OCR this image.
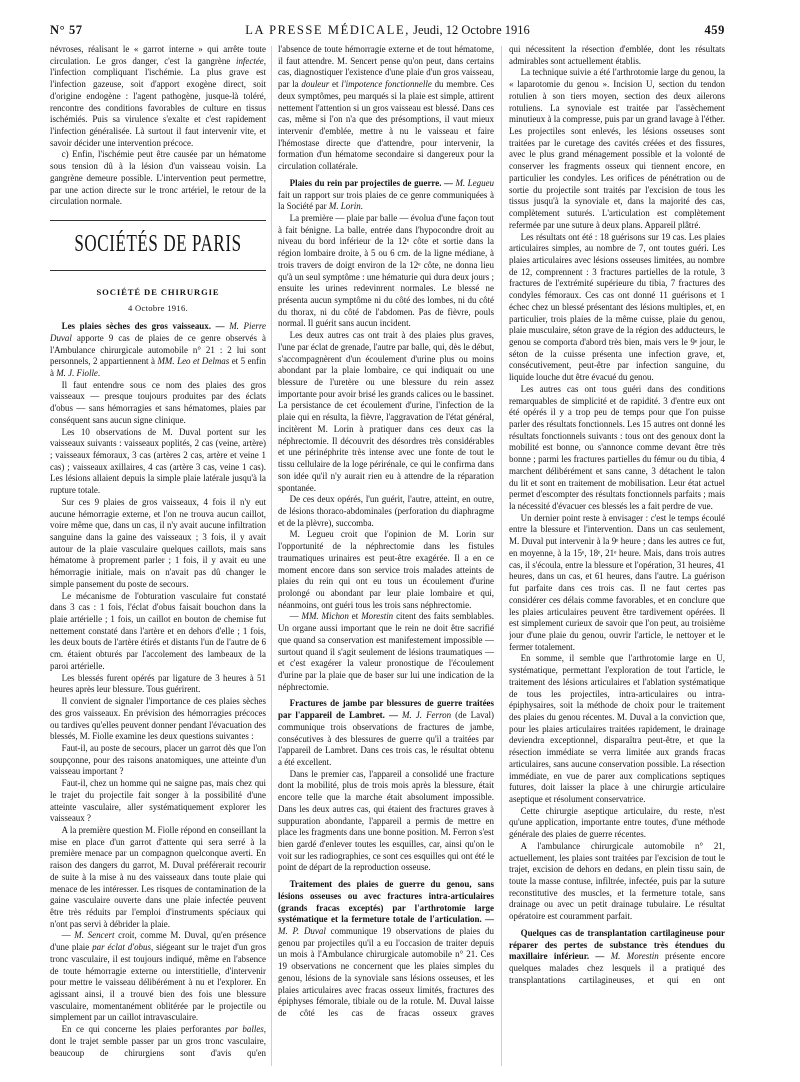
N° 57	LA PRESSE MÉDICALE, Jeudi, 12 Octobre 1916	459

névroses, réalisant le « garrot interne » qui arrête toute circulation. Le gros danger, c'est la gangrène infectée, l'infection compliquant l'ischémie. La plus grave est l'infection gazeuse, soit d'apport exogène direct, soit d'origine endogène : l'agent pathogène, jusque-là toléré, rencontre des conditions favorables de culture en tissus ischémiés. Puis sa virulence s'exalte et c'est rapidement l'infection généralisée. Là surtout il faut intervenir vite, et savoir décider une intervention précoce.

c) Enfin, l'ischémie peut être causée par un hématome sous tension dû à la lésion d'un vaisseau voisin. La gangrène demeure possible. L'intervention peut permettre, par une action directe sur le tronc artériel, le retour de la circulation normale.

SOCIÉTÉS DE PARIS
SOCIÉTÉ DE CHIRURGIE
4 Octobre 1916.

Les plaies sèches des gros vaisseaux. — M. Pierre Duval apporte 9 cas de plaies de ce genre observés à l'Ambulance chirurgicale automobile n° 21 : 2 lui sont personnels, 2 appartiennent à MM. Leo et Delmas et 5 enfin à M. J. Fiolle.

Il faut entendre sous ce nom des plaies des gros vaisseaux — presque toujours produites par des éclats d'obus — sans hémorragies et sans hématomes, plaies par conséquent sans aucun signe clinique.

Les 10 observations de M. Duval portent sur les vaisseaux suivants : vaisseaux poplités, 2 cas (veine, artère) ; vaisseaux fémoraux, 3 cas (artères 2 cas, artère et veine 1 cas) ; vaisseaux axillaires, 4 cas (artère 3 cas, veine 1 cas). Les lésions allaient depuis la simple plaie latérale jusqu'à la rupture totale.

Sur ces 9 plaies de gros vaisseaux, 4 fois il n'y eut aucune hémorragie externe, et l'on ne trouva aucun caillot, voire même que, dans un cas, il n'y avait aucune infiltration sanguine dans la gaine des vaisseaux ; 3 fois, il y avait autour de la plaie vasculaire quelques caillots, mais sans hématome à proprement parler ; 1 fois, il y avait eu une hémorragie initiale, mais on n'avait pas dû changer le simple pansement du poste de secours.

Le mécanisme de l'obturation vasculaire fut constaté dans 3 cas : 1 fois, l'éclat d'obus faisait bouchon dans la plaie artérielle ; 1 fois, un caillot en bouton de chemise fut nettement constaté dans l'artère et en dehors d'elle ; 1 fois, les deux bouts de l'artère étirés et distants l'un de l'autre de 6 cm. étaient obturés par l'accolement des lambeaux de la paroi artérielle.

Les blessés furent opérés par ligature de 3 heures à 51 heures après leur blessure. Tous guérirent.

Il convient de signaler l'importance de ces plaies sèches des gros vaisseaux. En prévision des hémorragies précoces ou tardives qu'elles peuvent donner pendant l'évacuation des blessés, M. Fiolle examine les deux questions suivantes :

Faut-il, au poste de secours, placer un garrot dès que l'on soupçonne, pour des raisons anatomiques, une atteinte d'un vaisseau important ?

Faut-il, chez un homme qui ne saigne pas, mais chez qui le trajet du projectile fait songer à la possibilité d'une atteinte vasculaire, aller systématiquement explorer les vaisseaux ?

A la première question M. Fiolle répond en conseillant la mise en place d'un garrot d'attente qui sera serré à la première menace par un compagnon quelconque averti. En raison des dangers du garrot, M. Duval préférerait recourir de suite à la mise à nu des vaisseaux dans toute plaie qui menace de les intéresser. Les risques de contamination de la gaine vasculaire ouverte dans une plaie infectée peuvent être très réduits par l'emploi d'instruments spéciaux qui n'ont pas servi à débrider la plaie.

— M. Sencert croit, comme M. Duval, qu'en présence d'une plaie par éclat d'obus, siégeant sur le trajet d'un gros tronc vasculaire, il est toujours indiqué, même en l'absence de toute hémorragie externe ou interstitielle, d'intervenir pour mettre le vaisseau délibérément à nu et l'explorer. En agissant ainsi, il a trouvé bien des fois une blessure vasculaire, momentanément oblitérée par le projectile ou simplement par un caillot intravasculaire.

En ce qui concerne les plaies perforantes par balles, dont le trajet semble passer par un gros tronc vasculaire, beaucoup de chirurgiens sont d'avis qu'en

l'absence de toute hémorragie externe et de tout hématome, il faut attendre. M. Sencert pense qu'on peut, dans certains cas, diagnostiquer l'existence d'une plaie d'un gros vaisseau, par la douleur et l'impotence fonctionnelle du membre. Ces deux symptômes, peu marqués si la plaie est simple, attirent nettement l'attention si un gros vaisseau est blessé. Dans ces cas, même si l'on n'a que des présomptions, il vaut mieux intervenir d'emblée, mettre à nu le vaisseau et faire l'hémostase directe que d'attendre, pour intervenir, la formation d'un hématome secondaire si dangereux pour la circulation collatérale.

Plaies du rein par projectiles de guerre. — M. Legueu fait un rapport sur trois plaies de ce genre communiquées à la Société par M. Lorin.

La première — plaie par balle — évolua d'une façon tout à fait bénigne. La balle, entrée dans l'hypocondre droit au niveau du bord inférieur de la 12ᵉ côte et sortie dans la région lombaire droite, à 5 ou 6 cm. de la ligne médiane, à trois travers de doigt environ de la 12ᵉ côte, ne donna lieu qu'à un seul symptôme : une hématurie qui dura deux jours ; ensuite les urines redevinrent normales. Le blessé ne présenta aucun symptôme ni du côté des lombes, ni du côté du thorax, ni du côté de l'abdomen. Pas de fièvre, pouls normal. Il guérit sans aucun incident.

Les deux autres cas ont trait à des plaies plus graves, l'une par éclat de grenade, l'autre par balle, qui, dès le début, s'accompagnèrent d'un écoulement d'urine plus ou moins abondant par la plaie lombaire, ce qui indiquait ou une blessure de l'uretère ou une blessure du rein assez importante pour avoir brisé les grands calices ou le bassinet. La persistance de cet écoulement d'urine, l'infection de la plaie qui en résulta, la fièvre, l'aggravation de l'état général, incitèrent M. Lorin à pratiquer dans ces deux cas la néphrectomie. Il découvrit des désordres très considérables et une périnéphrite très intense avec une fonte de tout le tissu cellulaire de la loge périrénale, ce qui le confirma dans son idée qu'il n'y aurait rien eu à attendre de la réparation spontanée.

De ces deux opérés, l'un guérit, l'autre, atteint, en outre, de lésions thoraco-abdominales (perforation du diaphragme et de la plèvre), succomba.

M. Legueu croit que l'opinion de M. Lorin sur l'opportunité de la néphrectomie dans les fistules traumatiques urinaires est peut-être exagérée. Il a en ce moment encore dans son service trois malades atteints de plaies du rein qui ont eu tous un écoulement d'urine prolongé ou abondant par leur plaie lombaire et qui, néanmoins, ont guéri tous les trois sans néphrectomie.

— MM. Michon et Morestin citent des faits semblables. Un organe aussi important que le rein ne doit être sacrifié que quand sa conservation est manifestement impossible — surtout quand il s'agit seulement de lésions traumatiques — et c'est exagérer la valeur pronostique de l'écoulement d'urine par la plaie que de baser sur lui une indication de la néphrectomie.

Fractures de jambe par blessures de guerre traitées par l'appareil de Lambret. — M. J. Ferron (de Laval) communique trois observations de fractures de jambe, consécutives à des blessures de guerre qu'il a traitées par l'appareil de Lambret. Dans ces trois cas, le résultat obtenu a été excellent.

Dans le premier cas, l'appareil a consolidé une fracture dont la mobilité, plus de trois mois après la blessure, était encore telle que la marche était absolument impossible. Dans les deux autres cas, qui étaient des fractures graves à suppuration abondante, l'appareil a permis de mettre en place les fragments dans une bonne position. M. Ferron s'est bien gardé d'enlever toutes les esquilles, car, ainsi qu'on le voit sur les radiographies, ce sont ces esquilles qui ont été le point de départ de la reproduction osseuse.

Traitement des plaies de guerre du genou, sans lésions osseuses ou avec fractures intra-articulaires (grands fracas exceptés) par l'arthrotomie large systématique et la fermeture totale de l'articulation. — M. P. Duval communique 19 observations de plaies du genou par projectiles qu'il a eu l'occasion de traiter depuis un mois à l'Ambulance chirurgicale automobile n° 21. Ces 19 observations ne concernent que les plaies simples du genou, lésions de la synoviale sans lésions osseuses, et les plaies articulaires avec fracas osseux limités, fractures des épiphyses fémorale, tibiale ou de la rotule. M. Duval laisse de côté les cas de fracas osseux graves

qui nécessitent la résection d'emblée, dont les résultats admirables sont actuellement établis.

La technique suivie a été l'arthrotomie large du genou, la « laparotomie du genou ». Incision U, section du tendon rotulien à son tiers moyen, section des deux ailerons rotuliens. La synoviale est traitée par l'assèchement minutieux à la compresse, puis par un grand lavage à l'éther. Les projectiles sont enlevés, les lésions osseuses sont traitées par le curetage des cavités créées et des fissures, avec le plus grand ménagement possible et la volonté de conserver les fragments osseux qui tiennent encore, en particulier les condyles. Les orifices de pénétration ou de sortie du projectile sont traités par l'excision de tous les tissus jusqu'à la synoviale et, dans la majorité des cas, complètement suturés. L'articulation est complètement refermée par une suture à deux plans. Appareil plâtré.

Les résultats ont été : 18 guérisons sur 19 cas. Les plaies articulaires simples, au nombre de 7, ont toutes guéri. Les plaies articulaires avec lésions osseuses limitées, au nombre de 12, comprennent : 3 fractures partielles de la rotule, 3 fractures de l'extrémité supérieure du tibia, 7 fractures des condyles fémoraux. Ces cas ont donné 11 guérisons et 1 échec chez un blessé présentant des lésions multiples, et, en particulier, trois plaies de la même cuisse, plaie du genou, plaie musculaire, séton grave de la région des adducteurs, le genou se comporta d'abord très bien, mais vers le 9ᵉ jour, le séton de la cuisse présenta une infection grave, et, consécutivement, peut-être par infection sanguine, du liquide louche dut être évacué du genou.

Les autres cas ont tous guéri dans des conditions remarquables de simplicité et de rapidité. 3 d'entre eux ont été opérés il y a trop peu de temps pour que l'on puisse parler des résultats fonctionnels. Les 15 autres ont donné les résultats fonctionnels suivants : tous ont des genoux dont la mobilité est bonne, ou s'annonce comme devant être très bonne ; parmi les fractures partielles du fémur ou du tibia, 4 marchent délibérément et sans canne, 3 détachent le talon du lit et sont en traitement de mobilisation. Leur état actuel permet d'escompter des résultats fonctionnels parfaits ; mais la nécessité d'évacuer ces blessés les a fait perdre de vue.

Un dernier point reste à envisager : c'est le temps écoulé entre la blessure et l'intervention. Dans un cas seulement, M. Duval put intervenir à la 9ᵉ heure ; dans les autres ce fut, en moyenne, à la 15ᵉ, 18ᵉ, 21ᵉ heure. Mais, dans trois autres cas, il s'écoula, entre la blessure et l'opération, 31 heures, 41 heures, dans un cas, et 61 heures, dans l'autre. La guérison fut parfaite dans ces trois cas. Il ne faut certes pas considérer ces délais comme favorables, et en conclure que les plaies articulaires peuvent être tardivement opérées. Il est simplement curieux de savoir que l'on peut, au troisième jour d'une plaie du genou, ouvrir l'article, le nettoyer et le fermer totalement.

En somme, il semble que l'arthrotomie large en U, systématique, permettant l'exploration de tout l'article, le traitement des lésions articulaires et l'ablation systématique de tous les projectiles, intra-articulaires ou intra-épiphysaires, soit la méthode de choix pour le traitement des plaies du genou récentes. M. Duval a la conviction que, pour les plaies articulaires traitées rapidement, le drainage deviendra exceptionnel, disparaîtra peut-être, et que la résection immédiate se verra limitée aux grands fracas articulaires, sans aucune conservation possible. La résection immédiate, en vue de parer aux complications septiques futures, doit laisser la place à une chirurgie articulaire aseptique et résolument conservatrice.

Cette chirurgie aseptique articulaire, du reste, n'est qu'une application, importante entre toutes, d'une méthode générale des plaies de guerre récentes.

A l'ambulance chirurgicale automobile n° 21, actuellement, les plaies sont traitées par l'excision de tout le trajet, excision de dehors en dedans, en plein tissu sain, de toute la masse contuse, infiltrée, infectée, puis par la suture reconstitutive des muscles, et la fermeture totale, sans drainage ou avec un petit drainage tubulaire. Le résultat opératoire est couramment parfait.

Quelques cas de transplantation cartilagineuse pour réparer des pertes de substance très étendues du maxillaire inférieur. — M. Morestin présente encore quelques malades chez lesquels il a pratiqué des transplantations cartilagineuses, et qui en ont
